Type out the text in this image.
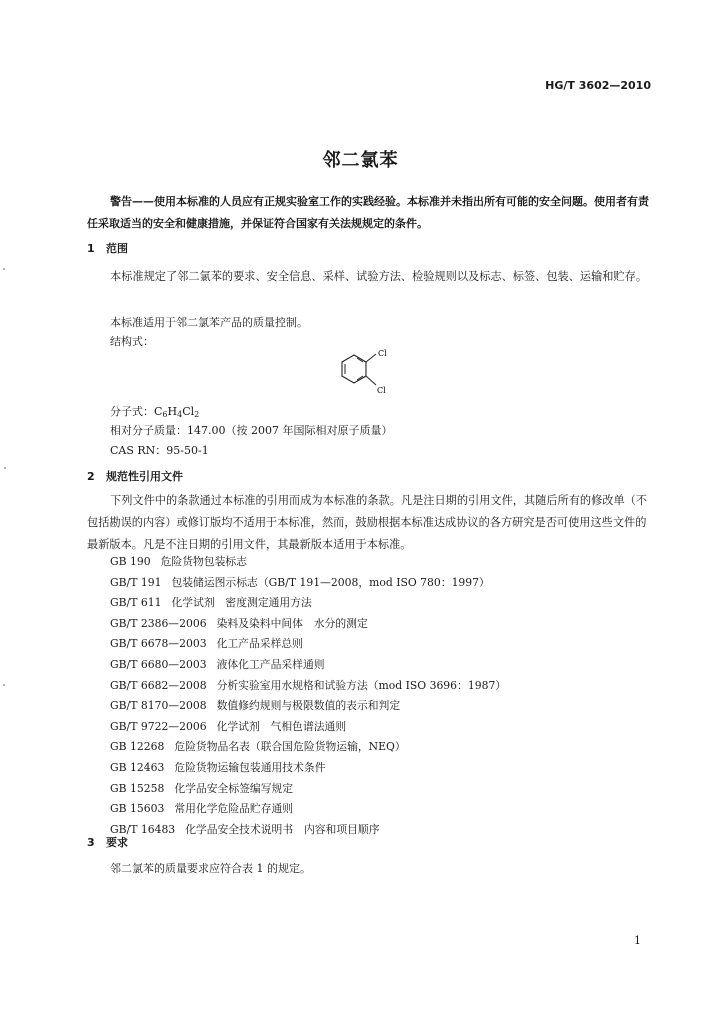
HG/T 3602—2010
邻二氯苯
警告——使用本标准的人员应有正规实验室工作的实践经验。本标准并未指出所有可能的安全问题。使用者有责任采取适当的安全和健康措施，并保证符合国家有关法规规定的条件。
1 范围
本标准规定了邻二氯苯的要求、安全信息、采样、试验方法、检验规则以及标志、标签、包装、运输和贮存。
本标准适用于邻二氯苯产品的质量控制。
结构式：
Cl
Cl
分子式：$C_6H_4Cl_2$
相对分子质量：147.00（按 2007 年国际相对原子质量）
CAS RN：95-50-1
2 规范性引用文件
下列文件中的条款通过本标准的引用而成为本标准的条款。凡是注日期的引用文件，其随后所有的修改单（不包括勘误的内容）或修订版均不适用于本标准，然而，鼓励根据本标准达成协议的各方研究是否可使用这些文件的最新版本。凡是不注日期的引用文件，其最新版本适用于本标准。
GB 190 危险货物包装标志
GB/T 191 包装储运图示标志（GB/T 191—2008，mod ISO 780：1997）
GB/T 611 化学试剂　密度测定通用方法
GB/T 2386—2006 染料及染料中间体　水分的测定
GB/T 6678—2003 化工产品采样总则
GB/T 6680—2003 液体化工产品采样通则
GB/T 6682—2008 分析实验室用水规格和试验方法（mod ISO 3696：1987）
GB/T 8170—2008 数值修约规则与极限数值的表示和判定
GB/T 9722—2006 化学试剂　气相色谱法通则
GB 12268 危险货物品名表（联合国危险货物运输，NEQ）
GB 12463 危险货物运输包装通用技术条件
GB 15258 化学品安全标签编写规定
GB 15603 常用化学危险品贮存通则
GB/T 16483 化学品安全技术说明书　内容和项目顺序
3 要求
邻二氯苯的质量要求应符合表 1 的规定。
1
